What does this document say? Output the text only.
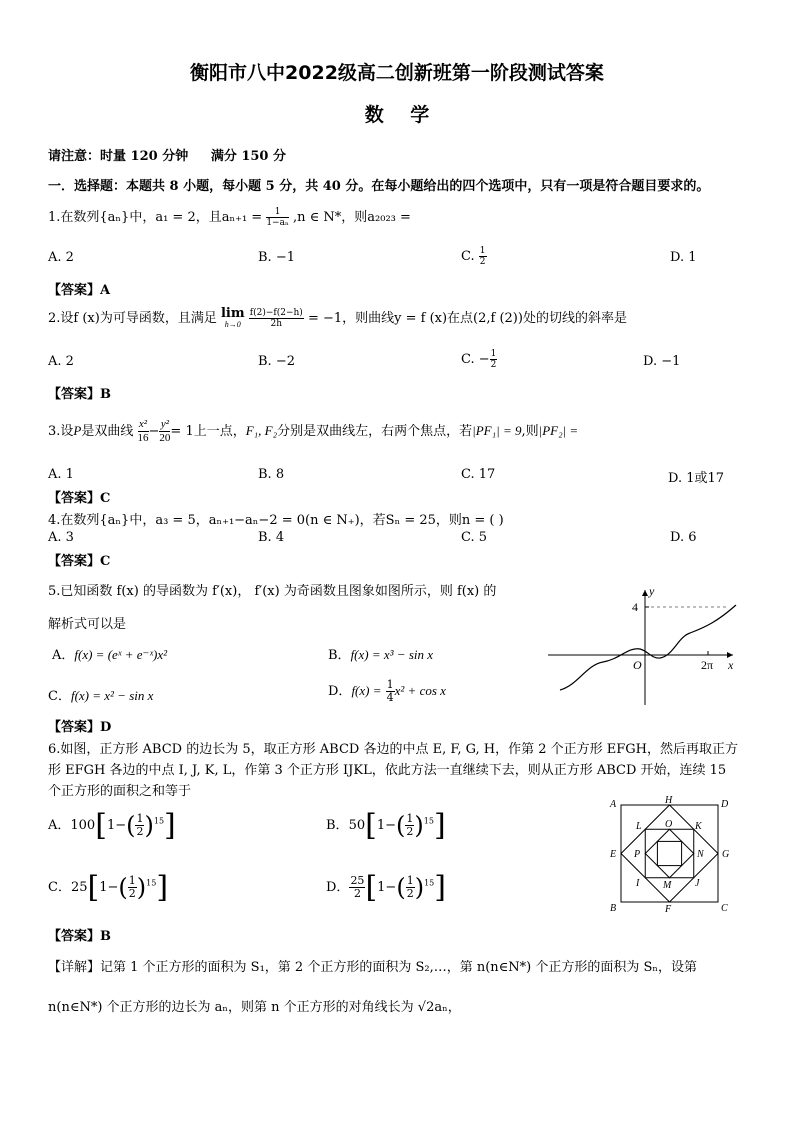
衡阳市八中2022级高二创新班第一阶段测试答案
数    学
请注意：时量 120 分钟     满分 150 分
一．选择题：本题共 8 小题，每小题 5 分，共 40 分。在每小题给出的四个选项中，只有一项是符合题目要求的。
1.在数列{aₙ}中，a₁ = 2，且$a_{n+1} = \frac{1}{\text{1−aₙ}} ,n$ ∈ N*，则a₂₀₂₃ =
A. 2	B. −1	C. $\frac{1}{2}$	D. 1
【答案】A
2.设f (x)为可导函数，且满足 lim
h→0
$\frac{f(2)-f(2-h)}{2h} = -1$，则曲线y = f (x)在点(2,f (2))处的切线的斜率是
A. 2	B. −2	C. − $\frac{1}{2}$	D. −1
【答案】B
3.设P是双曲线 $\frac{\text{x²}}{16} - \frac{\text{y²}}{20} = 1$上一点，F₁, F₂分别是双曲线左，右两个焦点，若|PF₁| = 9,则|PF₂| =
A. 1	B. 8	C. 17	D. 1或17
【答案】C
4.在数列{aₙ}中，a₃ = 5，aₙ₊₁−aₙ−2 = 0(n ∈ N₊)，若Sₙ = 25，则n = ( )
A. 3	B. 4	C. 5	D. 6
【答案】C
5.已知函数 f(x) 的导函数为 f′(x)， f′(x) 为奇函数且图象如图所示，则 f(x) 的
解析式可以是
A．f(x) = (eˣ + e⁻ˣ)x²	B．f(x) = x³ − sin x
C．f(x) = x² − sin x	D．$f(x) = \frac{1}{4} x^2 + \cos x$
y
4
O	2π x
【答案】D
6.如图，正方形 ABCD 的边长为 5，取正方形 ABCD 各边的中点 E, F, G, H，作第 2 个正方形 EFGH，然后再取正方
形 EFGH 各边的中点 I, J, K, L，作第 3 个正方形 IJKL，依此方法一直继续下去，则从正方形 ABCD 开始，连续 15
个正方形的面积之和等于
A．$100[1-( \frac{1}{2} )^{15}]$	B．$50[1-( \frac{1}{2} )^{15}]$
C．$25[1-( \frac{1}{2} )^{15}]$	D． $\frac{25}{2} [1-( \frac{1}{2} )^{15}]$
A	H	D
L O K
E P	N G
I M J
B	F	C
【答案】B
【详解】记第 1 个正方形的面积为 S₁，第 2 个正方形的面积为 S₂,…，第 n(n∈N*) 个正方形的面积为 Sₙ，设第
n(n∈N*) 个正方形的边长为 aₙ，则第 n 个正方形的对角线长为 √2aₙ，
